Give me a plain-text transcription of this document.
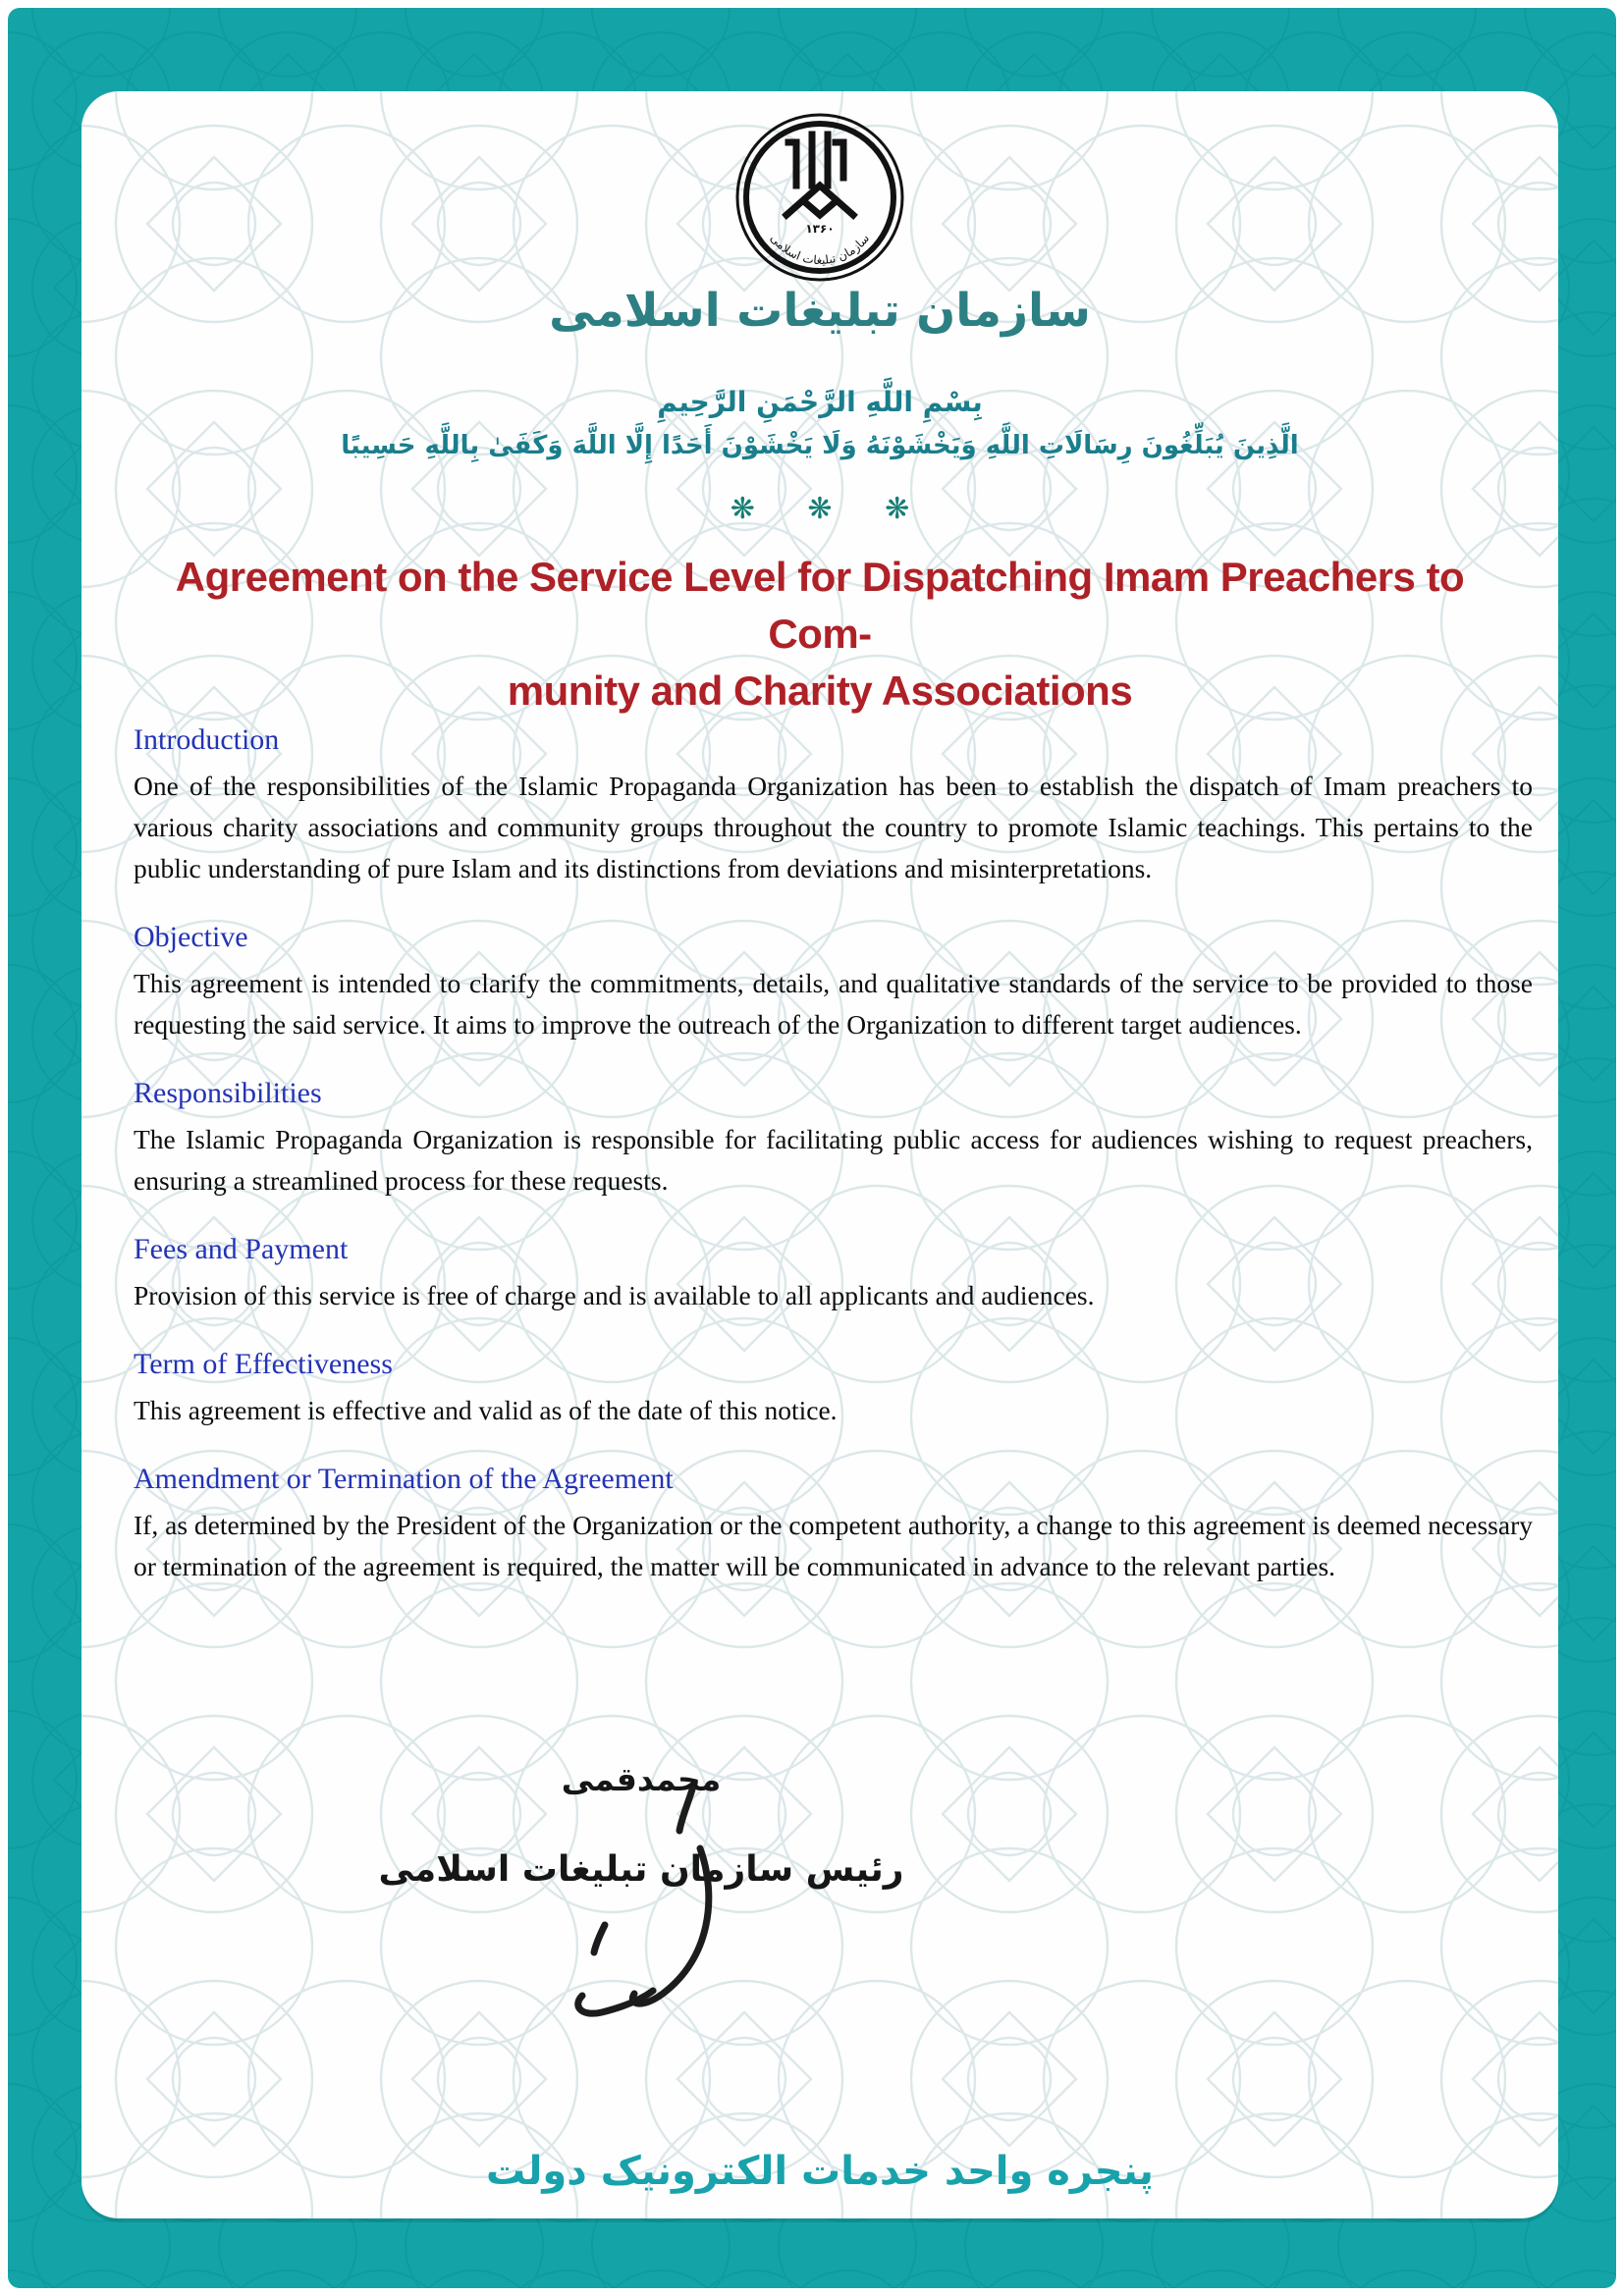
۱۳۶۰
سازمان تبلیغات اسلامی
سازمان تبلیغات اسلامی
بِسْمِ اللَّهِ الرَّحْمَنِ الرَّحِيمِ
الَّذِينَ يُبَلِّغُونَ رِسَالَاتِ اللَّهِ وَيَخْشَوْنَهُ وَلَا يَخْشَوْنَ أَحَدًا إِلَّا اللَّهَ وَكَفَىٰ بِاللَّهِ حَسِيبًا
❋ ❋ ❋
Agreement on the Service Level for Dispatching Imam Preachers to Com-
munity and Charity Associations
Introduction

One of the responsibilities of the Islamic Propaganda Organization has been to establish the dispatch of Imam preachers to various charity associations and community groups throughout the country to promote Islamic teachings. This pertains to the public understanding of pure Islam and its distinctions from deviations and misinterpretations.

Objective

This agreement is intended to clarify the commitments, details, and qualitative standards of the service to be provided to those requesting the said service. It aims to improve the outreach of the Organization to different target audiences.

Responsibilities

The Islamic Propaganda Organization is responsible for facilitating public access for audiences wishing to request preachers, ensuring a streamlined process for these requests.

Fees and Payment

Provision of this service is free of charge and is available to all applicants and audiences.

Term of Effectiveness

This agreement is effective and valid as of the date of this notice.

Amendment or Termination of the Agreement

If, as determined by the President of the Organization or the competent authority, a change to this agreement is deemed necessary or termination of the agreement is required, the matter will be communicated in advance to the relevant parties.

محمدقمی
رئیس سازمان تبلیغات اسلامی
پنجره واحد خدمات الکترونیک دولت
